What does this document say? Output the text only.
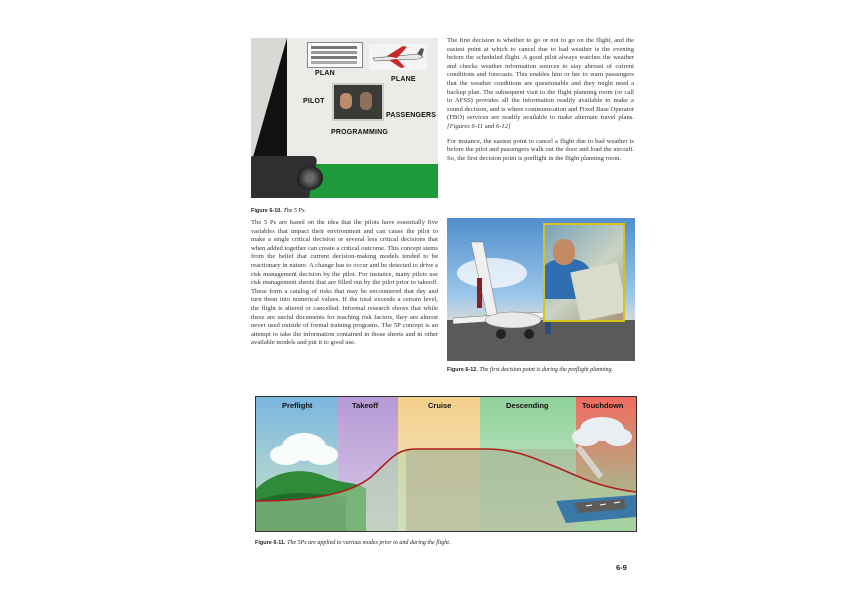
PLAN
PLANE
PILOT
PASSENGERS
PROGRAMMING
Figure 6-10. The 5 Ps.

The 5 Ps are based on the idea that the pilots have essentially five variables that impact their environment and can cause the pilot to make a single critical decision or several less critical decisions that when added together can create a critical outcome. This concept stems from the belief that current decision-making models tended to be reactionary in nature. A change has to occur and be detected to drive a risk management decision by the pilot. For instance, many pilots use risk management sheets that are filled out by the pilot prior to takeoff. These form a catalog of risks that may be encountered that day and turn them into numerical values. If the total exceeds a certain level, the flight is altered or cancelled. Informal research shows that while these are useful documents for teaching risk factors, they are almost never used outside of formal training programs. The 5P concept is an attempt to take the information contained in those sheets and in other available models and put it to good use.

The first decision is whether to go or not to go on the flight, and the easiest point at which to cancel due to bad weather is the evening before the scheduled flight. A good pilot always watches the weather and checks weather information sources to stay abreast of current conditions and forecasts. This enables him or her to warn passengers that the weather conditions are questionable and they might need a backup plan. The subsequent visit to the flight planning room (or call to AFSS) provides all the information readily available to make a sound decision, and is where communication and Fixed Base Operator (FBO) services are readily available to make alternate travel plans. [Figures 6-11 and 6-12]

For instance, the easiest point to cancel a flight due to bad weather is before the pilot and passengers walk out the door and load the aircraft. So, the first decision point is preflight in the flight planning room.

Figure 6-12. The first decision point is during the preflight planning.
Preflight	Takeoff	Cruise	Descending	Touchdown
Figure 6-11. The 5Ps are applied to various modes prior to and during the flight.
6-9
